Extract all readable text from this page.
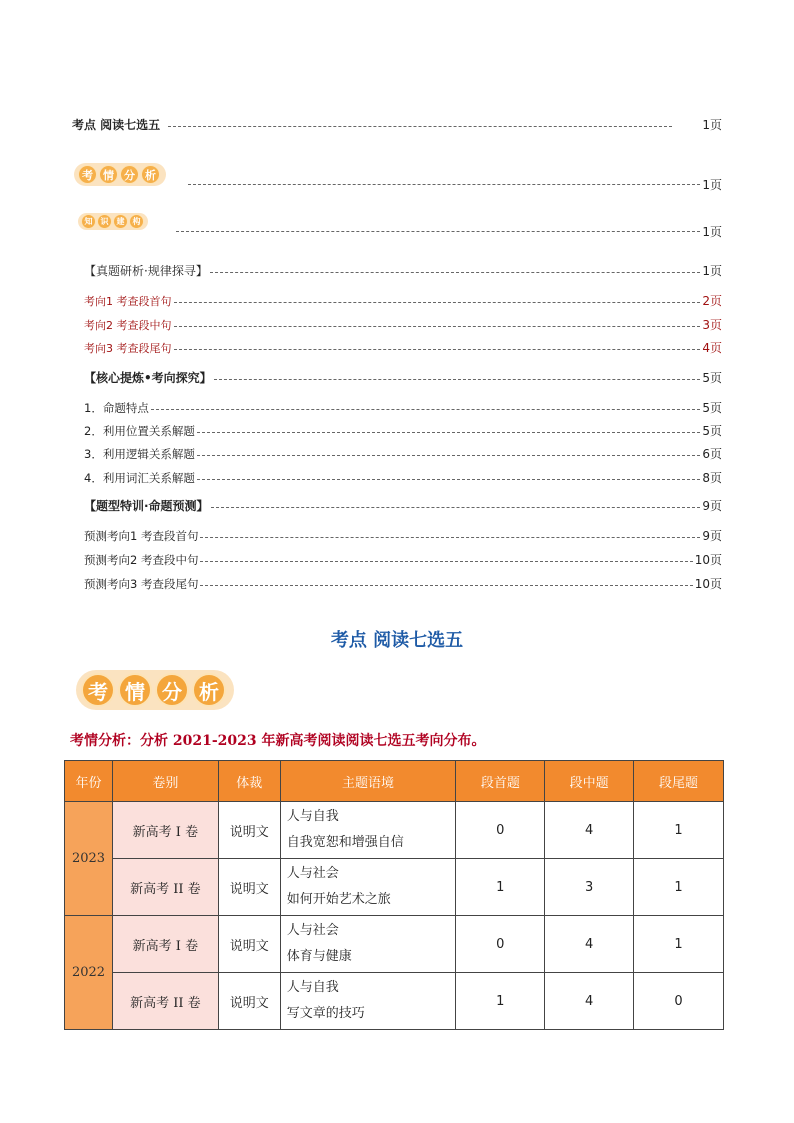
考点 阅读七选五	1页
考 情 分 析
1页
知	识	建	构
1页
【真题研析·规律探寻】	1页
考向1 考查段首句	2页
考向2 考查段中句	3页
考向3 考查段尾句	4页
【核心提炼•考向探究】	5页
1．命题特点	5页
2．利用位置关系解题	5页
3．利用逻辑关系解题	6页
4．利用词汇关系解题	8页
【题型特训·命题预测】	9页
预测考向1 考查段首句	9页
预测考向2 考查段中句	10页
预测考向3 考查段尾句	10页
考点 阅读七选五
考 情 分 析
考情分析：分析 2021-2023 年新高考阅读阅读七选五考向分布。
年份	卷别	体裁	主题语境	段首题	段中题	段尾题
2023	新高考 I 卷	说明文	人与自我
自我宽恕和增强自信	0	4	1
	新高考 II 卷	说明文	人与社会
如何开始艺术之旅	1	3	1
2022	新高考 I 卷	说明文	人与社会
体育与健康	0	4	1
	新高考 II 卷	说明文	人与自我
写文章的技巧	1	4	0
